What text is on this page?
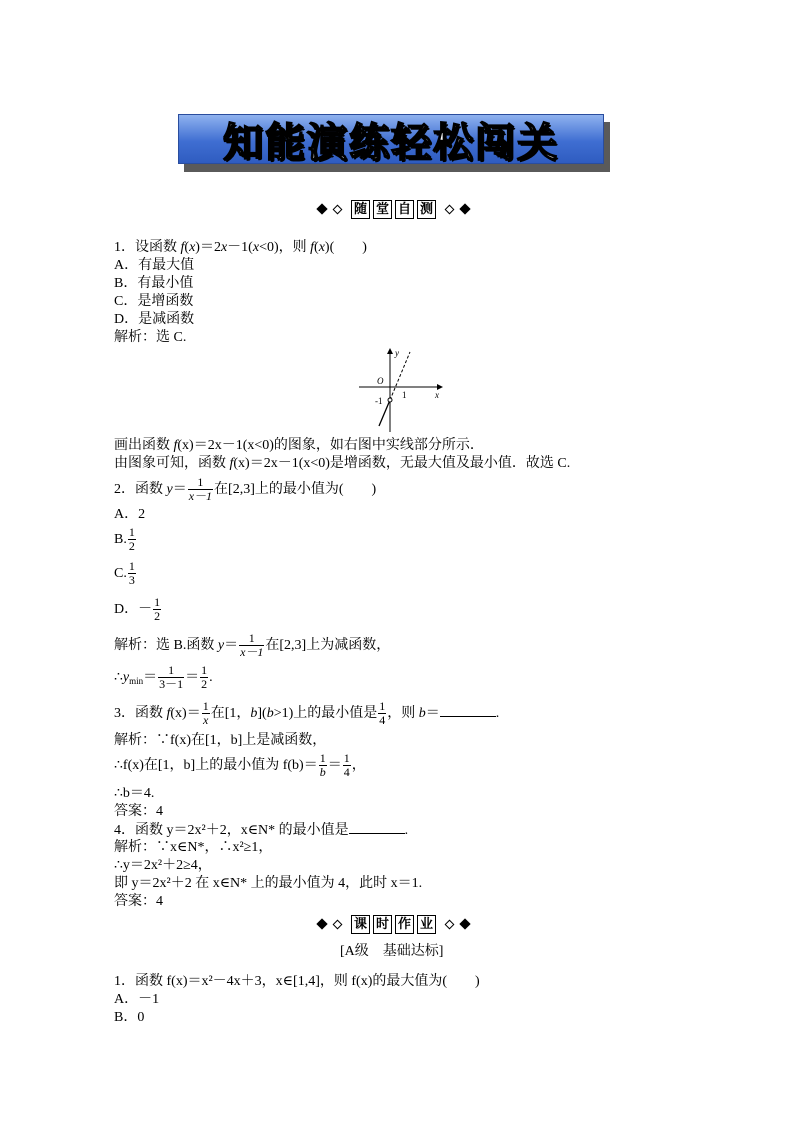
知能演练轻松闯关
随 堂 自 测
1．设函数 f(x)＝2x－1(x<0)，则 f(x)(　　)
A．有最大值
B．有最小值
C．是增函数
D．是减函数
解析：选 C.
y
x
O
1
-1
画出函数 f(x)＝2x－1(x<0)的图象，如右图中实线部分所示．
由图象可知，函数 f(x)＝2x－1(x<0)是增函数，无最大值及最小值．故选 C.
2．函数 $y= \frac{1}{x-1}$ 在[2,3]上的最小值为(　　)
A．2
B. $\frac{1}{2}$
C. $\frac{1}{3}$
D．－ $\frac{1}{2}$
解析：选 B.函数 $y= \frac{1}{x-1}$ 在[2,3]上为减函数，
$\therefore y_{min}= \frac{1}{3-1} = \frac{1}{2}$ .
3．函数 $f(x)= \frac{1}{x}$ 在[1，b](b>1)上的最小值是 $\frac{1}{4}$ ，则 b＝	.
解析：∵f(x)在[1，b]上是减函数，
∴f(x)在[1，b]上的最小值为 $f(b)= \frac{1}{b} = \frac{1}{4}$ ，
∴b＝4.
答案：4
4．函数 y＝2x²＋2，x∈N* 的最小值是	.
解析：∵x∈N*，∴x²≥1，
∴y＝2x²＋2≥4，
即 y＝2x²＋2 在 x∈N* 上的最小值为 4，此时 x＝1.
答案：4
课 时 作 业
[A级　基础达标]
1．函数 f(x)＝x²－4x＋3，x∈[1,4]，则 f(x)的最大值为(　　)
A．－1
B．0
